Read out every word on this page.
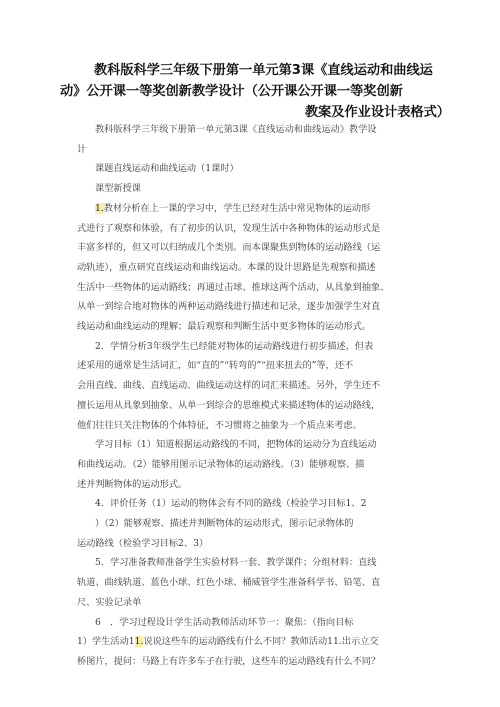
教科版科学三年级下册第一单元第3课《直线运动和曲线运
动》公开课一等奖创新教学设计（公开课公开课一等奖创新
教案及作业设计表格式）
教科版科学三年级下册第一单元第3课《直线运动和曲线运动》教学设
计
课题直线运动和曲线运动（1课时）
课型新授课
1.教材分析在上一课的学习中，学生已经对生活中常见物体的运动形
式进行了观察和体验，有了初步的认识，发现生活中各种物体的运动形式是
丰富多样的，但又可以归纳成几个类别。而本课聚焦到物体的运动路线（运
动轨迹），重点研究直线运动和曲线运动。本课的设计思路是先观察和描述
生活中一些物体的运动路线；再通过击球、推球这两个活动，从具象到抽象、
从单一到综合地对物体的两种运动路线进行描述和记录，逐步加强学生对直
线运动和曲线运动的理解；最后观察和判断生活中更多物体的运动形式。
2．学情分析3年级学生已经能对物体的运动路线进行初步描述，但表
述采用的通常是生活词汇，如“直的”“转弯的”“扭来扭去的”等，还不
会用直线、曲线、直线运动、曲线运动这样的词汇来描述。另外，学生还不
擅长运用从具象到抽象、从单一到综合的思维模式来描述物体的运动路线，
他们往往只关注物体的个体特征，不习惯将之抽象为一个质点来考虑。
学习目标（1）知道根据运动路线的不同，把物体的运动分为直线运动
和曲线运动。（2）能够用图示记录物体的运动路线。（3）能够观察、描
述并判断物体的运动形式。
4．评价任务（1）运动的物体会有不同的路线（检验学习目标1、2
）（2）能够观察、描述并判断物体的运动形式，图示记录物体的
运动路线（检验学习目标2、3）
5．学习准备教师准备学生实验材料一套、教学课件；分组材料：直线
轨道、曲线轨道、蓝色小球、红色小球、桶威管学生准备科学书、铅笔、直
尺、实验记录单
6　．学习过程设计学生活动教师活动环节一：聚焦：（指向目标
1）学生活动11.说说这些车的运动路线有什么不同？教师活动11.出示立交
桥图片，提问：马路上有许多车子在行驶，这些车的运动路线有什么不同？
